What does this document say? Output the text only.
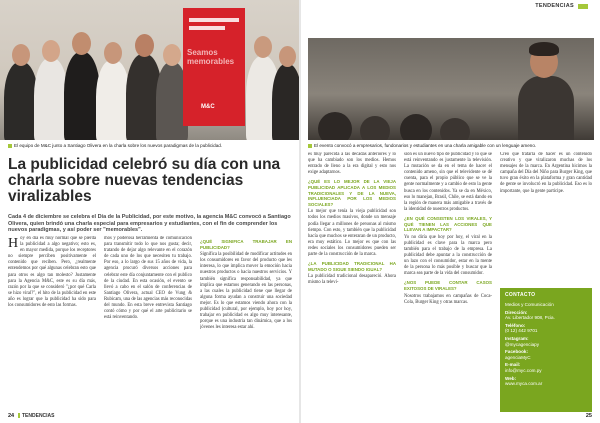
Seamos memorables
M&C
El equipo de M&C junto a Santiago Olivera en la charla sobre los nuevos paradigmas de la publicidad.
La publicidad celebró su día con una charla sobre nuevas tendencias viralizables
Cada 4 de diciembre se celebra el Día de la Publicidad, por este motivo, la agencia M&C convocó a Santiago Olivera, quien brindó una charla especial para empresarios y estudiantes, con el fin de comprender los nuevos paradigmas, y así poder ser "memorables".

Hoy en día es muy normal que se pierda la publicidad a algo negativo; esto es, en mayor medida, porque los receptores no siempre perciben positivamente el contenido que reciben. Pero, ¿realmente entendemos por qué algunas celebran esto que para otros es algo tan molesto? Justamente para la Agencia M&C, este es su día más, razón por la que se consideró "¿por qué Carla se hizo viral?", el hito de la publicidad en este año es lograr que la publicidad ha sido para los consumidores de esto las formas.

mos y poderosa herramienta de comunicación para transmitir todo lo que nos gusta; decir, tratando de dejar algo relevante en el corazón de cada uno de los que necesiten tu trabajo. Por eso, a lo largo de sus 15 años de vida, la agencia procuró diversos acciones para celebrar este día conjuntamente con el publico de la ciudad. En esta ocasión, el evento se llevó a cabo en el salón de conferencias de Santiago Olivera, actual CEO de Vung & Rubicam, una de las agencias más reconocidas del mundo. En esta breve entrevista Santiago contó cómo y por qué el arte publicitario se está reinventando.

¿QUÉ SIGNIFICA TRABAJAR EN PUBLICIDAD?

Significa la posibilidad de modificar actitudes en los consumidores en favor del producto que les interesa, lo que implica mover la emoción hacia nuestros productos o hacia nuestros servicios. Y también significa responsabilidad, ya que implica que estamos generando en las personas, a las cuales la publicidad tiene que llegar de alguna forma ayudan a construir una sociedad mejor. Es lo que estamos viendo ahora con la publicidad (cultural, por ejemplo, hoy por hoy, trabajar en publicidad es algo muy interesante, porque es una industria tan dinámica, que a los jóvenes les interesa estar ahí.

24 TENDENCIAS
TENDENCIAS
El evento convocó a empresarios, fundonarios y estudiantes en una charla amigable con un lenguaje ameno.

es muy parecida a las décadas anteriores y lo que ha cambiado son los medios. Hemos entrado de lleno a la era digital y esto nos exige adaptarnos.

¿QUÉ ES LO MEJOR DE LA VIEJA PUBLICIDAD APLICADA A LOS MEDIOS TRADICIONALES Y DE LA NUEVA, INFLUENCIADA POR LOS MEDIOS SOCIALES?

Lo mejor que tenía la vieja publicidad son todos los medios masivos, donde un mensaje podía llegar a millones de personas al mismo tiempo. Con esto, y también que la publicidad hacía que muchos se enteraran de un producto, era muy estático. Lo mejor es que con las redes sociales los consumidores pueden ser parte de la construcción de la marca.

¿LA PUBLICIDAD TRADICIONAL HA MUTADO O SIGUE SIENDO IGUAL?

La publicidad tradicional desapareció. Ahora mismo la televi-

sión es un nuevo tipo de publicidad y lo que se está reinventando es justamente la televisión. La mutación se da en el tema de hacer el contenido ameno, sin que el televidente se dé cuenta, para el propio público que se ve la gente normalmente y a cambio de esto la gente busca en los contenidos. Ya se da en México, eso lo manejan, Brasil, Chile, se está dando en la región de manera más amigable a través de la identidad de nuestros productos.

¿EN QUÉ CONSISTEN LOS VIRALES, Y QUÉ TIENEN LAS ACCIONES QUE LLEVAN A IMPACTAR?

Yo no diría que hoy por hoy, el viral en la publicidad es clave para la marca pero también para el trabajo de la empresa. La publicidad debe apuntar a la construcción de un lazo con el consumidor, estar en la mente de la persona lo más posible y buscar que la marca sea parte de la vida del consumidor.

¿NOS PUEDE CONTAR CASOS EXITOSOS DE VIRALES?

Nosotros trabajamos en campañas de Coca-Cola, Burger King y otras marcas.

Creo que tratarla de hacer es un contenido creativo y que viralizaron muchas de los mensajes de la marca. En Argentina hicimos la campaña del Día del Niño para Burger King, que tuvo gran éxito en la plataforma y gran cantidad de gente se involucró en la publicidad. Eso es lo importante, que la gente participe.

CONTACTO
Medios y Comunicación
Dirección:
Av. Libertador 908, Pcia.
Teléfono:
(0 12) 442 9701
Instagram:
@mycagenciapy
Facebook:
agenciaMyC
E-mail:
info@myc.com.py
Web:
www.myca.com.ar
25
